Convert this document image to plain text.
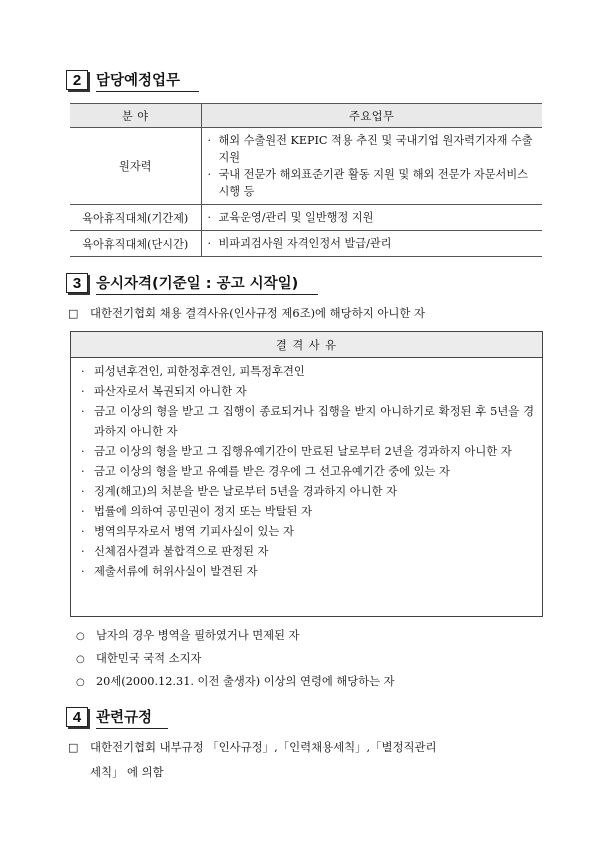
2	담당예정업무
분 야	주요업무
원자력	· 해외 수출원전 KEPIC 적용 추진 및 국내기업 원자력기자재 수출 지원
· 국내 전문가 해외표준기관 활동 지원 및 해외 전문가 자문서비스 시행 등

육아휴직대체(기간제)	· 교육운영/관리 및 일반행정 지원

육아휴직대체(단시간)	· 비파괴검사원 자격인정서 발급/관리
3	응시자격(기준일 : 공고 시작일)
□ 대한전기협회 채용 결격사유(인사규정 제6조)에 해당하지 아니한 자
결 격 사 유
· 피성년후견인, 피한정후견인, 피특정후견인
· 파산자로서 복권되지 아니한 자
· 금고 이상의 형을 받고 그 집행이 종료되거나 집행을 받지 아니하기로 확정된 후 5년을 경과하지 아니한 자
· 금고 이상의 형을 받고 그 집행유예기간이 만료된 날로부터 2년을 경과하지 아니한 자
· 금고 이상의 형을 받고 유예를 받은 경우에 그 선고유예기간 중에 있는 자
· 징계(해고)의 처분을 받은 날로부터 5년을 경과하지 아니한 자
· 법률에 의하여 공민권이 정지 또는 박탈된 자
· 병역의무자로서 병역 기피사실이 있는 자
· 신체검사결과 불합격으로 판정된 자
· 제출서류에 허위사실이 발견된 자
○ 남자의 경우 병역을 필하였거나 면제된 자
○ 대한민국 국적 소지자
○ 20세(2000.12.31. 이전 출생자) 이상의 연령에 해당하는 자
4	관련규정
□ 대한전기협회 내부규정 「인사규정」,「인력채용세칙」,「별정직관리
세칙」 에 의함
